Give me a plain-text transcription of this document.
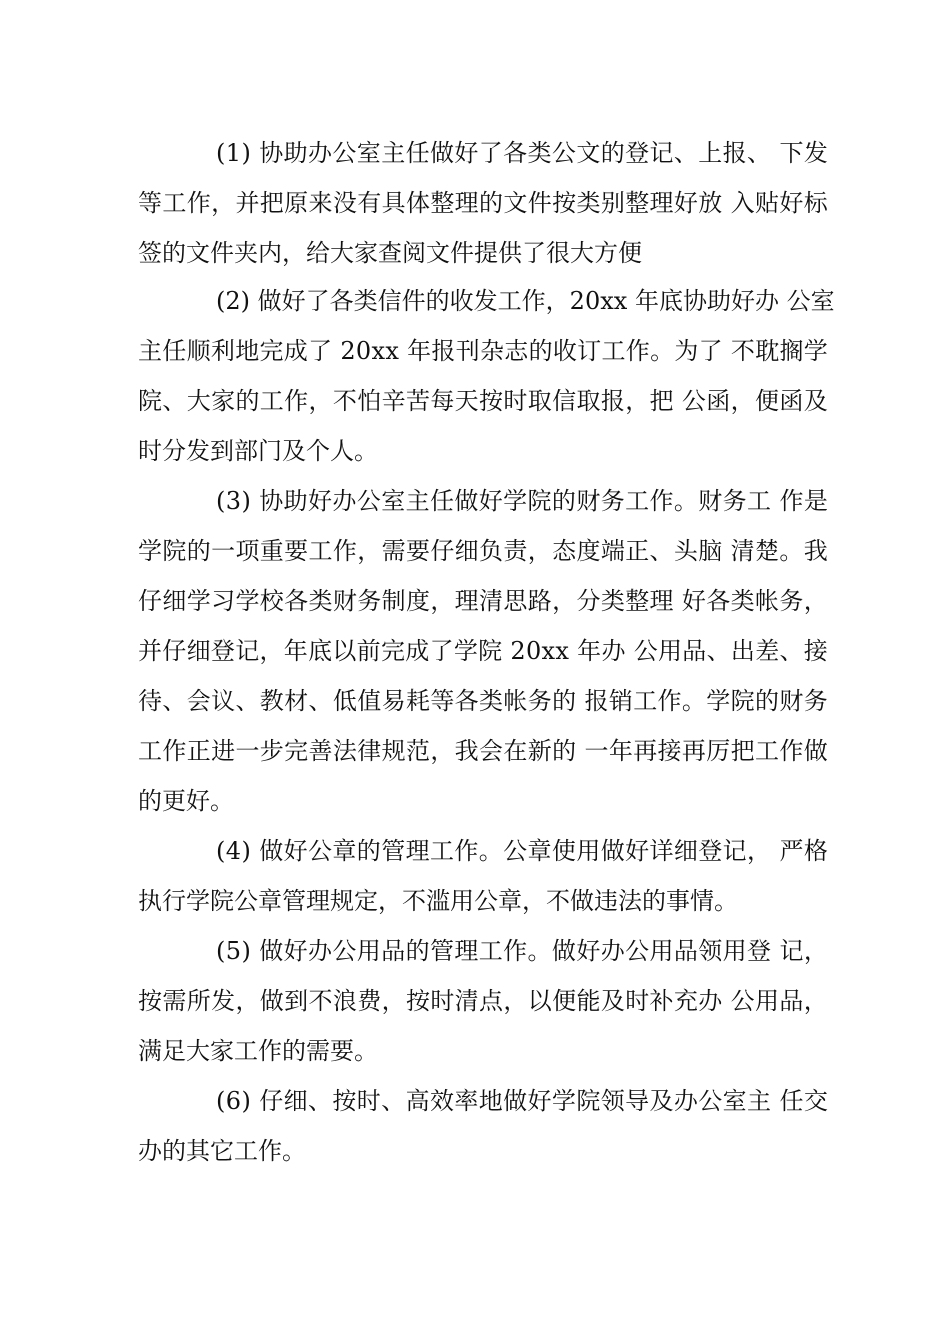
( 1 )
协 助 办 公 室 主 任 做 好 了 各 类 公 文 的 登 记 、 上 报 、
下 发
等 工 作 ， 并 把 原 来 没 有 具 体 整 理 的 文 件 按 类 别 整 理 好 放
入 贴 好 标
签的文件夹内，给大家查阅文件提供了很大方便
( 2 )
做 好 了 各 类 信 件 的 收 发 工 作 ， 2 0 x x
年 底 协 助 好 办
公 室
主 任 顺 利 地 完 成 了
2 0 x x
年 报 刊 杂 志 的 收 订 工 作 。 为 了
不 耽 搁 学
院 、 大 家 的 工 作 ， 不 怕 辛 苦 每 天 按 时 取 信 取 报 ， 把
公 函 ， 便 函 及
时分发到部门及个人。
( 3 )
协 助 好 办 公 室 主 任 做 好 学 院 的 财 务 工 作 。 财 务 工
作 是
学 院 的 一 项 重 要 工 作 ， 需 要 仔 细 负 责 ， 态 度 端 正 、 头 脑
清 楚 。 我
仔 细 学 习 学 校 各 类 财 务 制 度 ， 理 清 思 路 ， 分 类 整 理
好 各 类 帐 务 ，
并 仔 细 登 记 ， 年 底 以 前 完 成 了 学 院
2 0 x x
年 办
公 用 品 、 出 差 、 接
待 、 会 议 、 教 材 、 低 值 易 耗 等 各 类 帐 务 的
报 销 工 作 。 学 院 的 财 务
工 作 正 进 一 步 完 善 法 律 规 范 ， 我 会 在 新 的
一 年 再 接 再 厉 把 工 作 做
的更好。
( 4 )
做 好 公 章 的 管 理 工 作 。 公 章 使 用 做 好 详 细 登 记 ，
严 格
执行学院公章管理规定，不滥用公章，不做违法的事情。
( 5 )
做 好 办 公 用 品 的 管 理 工 作 。 做 好 办 公 用 品 领 用 登
记 ，
按 需 所 发 ， 做 到 不 浪 费 ， 按 时 清 点 ， 以 便 能 及 时 补 充 办
公 用 品 ，
满足大家工作的需要。
( 6 )
仔 细 、 按 时 、 高 效 率 地 做 好 学 院 领 导 及 办 公 室 主
任 交
办的其它工作。
